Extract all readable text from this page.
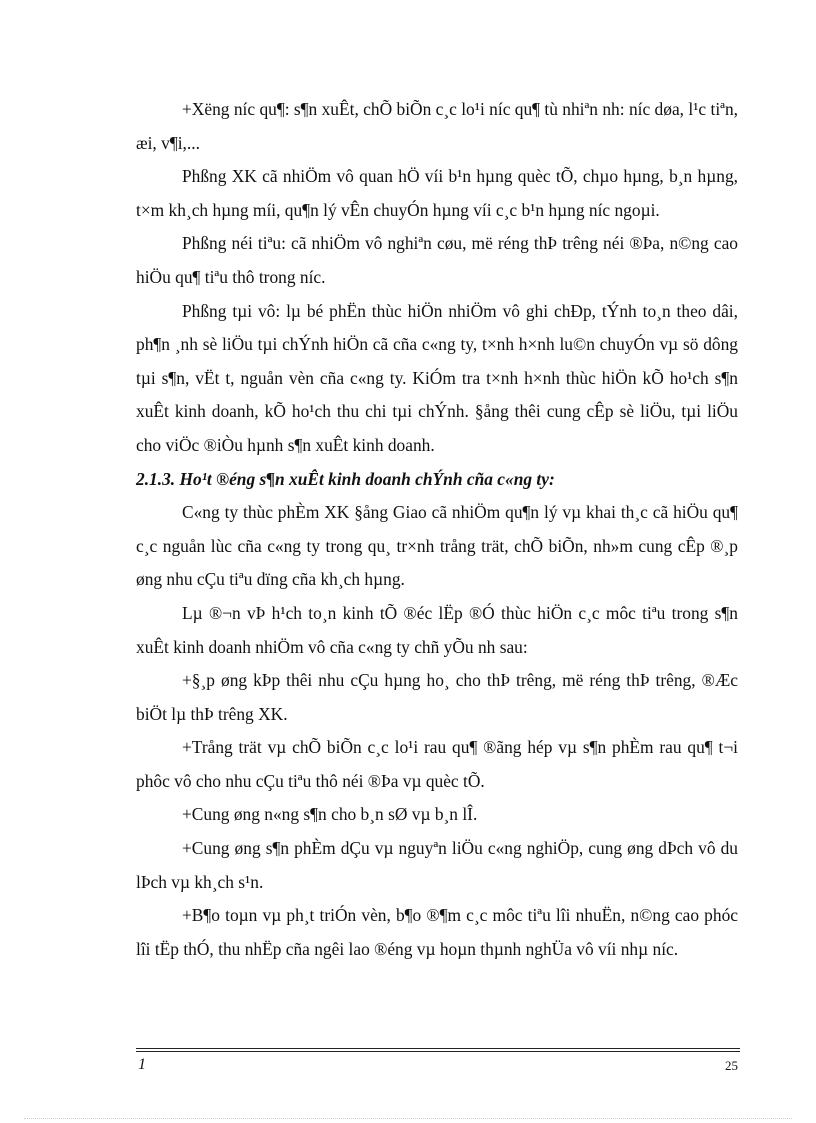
+Xëng níc qu¶: s¶n xuÊt, chÕ biÕn c¸c lo¹i níc qu¶ tù nhiªn nh: níc døa, l¹c tiªn, æi, v¶i,...

Phßng XK cã nhiÖm vô quan hÖ víi b¹n hµng quèc tÕ, chµo hµng, b¸n hµng, t×m kh¸ch hµng míi, qu¶n lý vÊn chuyÓn hµng víi c¸c b¹n hµng níc ngoµi.

Phßng néi tiªu: cã nhiÖm vô nghiªn cøu, më réng thÞ trêng néi ®Þa, n©ng cao hiÖu qu¶ tiªu thô trong níc.

Phßng tµi vô: lµ bé phËn thùc hiÖn nhiÖm vô ghi chÐp, tÝnh to¸n theo dâi, ph¶n ¸nh sè liÖu tµi chÝnh hiÖn cã cña c«ng ty, t×nh h×nh lu©n chuyÓn vµ sö dông tµi s¶n, vËt t, nguån vèn cña c«ng ty. KiÓm tra t×nh h×nh thùc hiÖn kÕ ho¹ch s¶n xuÊt kinh doanh, kÕ ho¹ch thu chi tµi chÝnh. §ång thêi cung cÊp sè liÖu, tµi liÖu cho viÖc ®iÒu hµnh s¶n xuÊt kinh doanh.

2.1.3. Ho¹t ®éng s¶n xuÊt kinh doanh chÝnh cña c«ng ty:

C«ng ty thùc phÈm XK §ång Giao cã nhiÖm qu¶n lý vµ khai th¸c cã hiÖu qu¶ c¸c nguån lùc cña c«ng ty trong qu¸ tr×nh trång trät, chÕ biÕn, nh»m cung cÊp ®¸p øng nhu cÇu tiªu dïng cña kh¸ch hµng.

Lµ ®¬n vÞ h¹ch to¸n kinh tÕ ®éc lËp ®Ó thùc hiÖn c¸c môc tiªu trong s¶n xuÊt kinh doanh nhiÖm vô cña c«ng ty chñ yÕu nh sau:

+§¸p øng kÞp thêi nhu cÇu hµng ho¸ cho thÞ trêng, më réng thÞ trêng, ®Æc biÖt lµ thÞ trêng XK.

+Trång trät vµ chÕ biÕn c¸c lo¹i rau qu¶ ®ãng hép vµ s¶n phÈm rau qu¶ t¬i phôc vô cho nhu cÇu tiªu thô néi ®Þa vµ quèc tÕ.

+Cung øng n«ng s¶n cho b¸n sØ vµ b¸n lÎ.

+Cung øng s¶n phÈm dÇu vµ nguyªn liÖu c«ng nghiÖp, cung øng dÞch vô du lÞch vµ kh¸ch s¹n.

+B¶o toµn vµ ph¸t triÓn vèn, b¶o ®¶m c¸c môc tiªu lîi nhuËn, n©ng cao phóc lîi tËp thÓ, thu nhËp cña ngêi lao ®éng vµ hoµn thµnh nghÜa vô víi nhµ níc.

1	25
